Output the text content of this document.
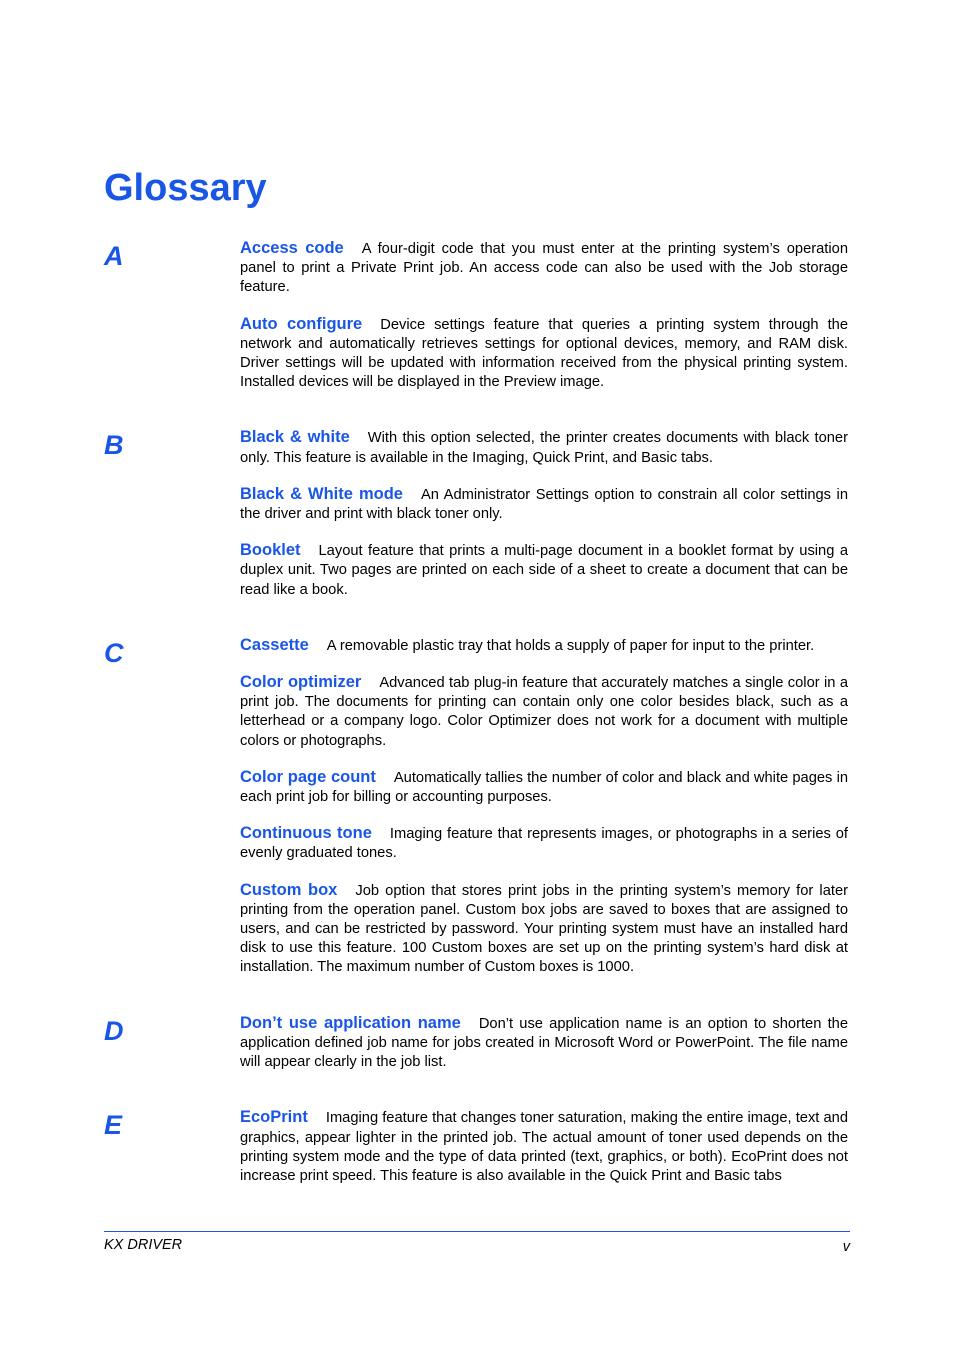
Glossary
A	Access code A four-digit code that you must enter at the printing system’s operation panel to print a Private Print job. An access code can also be used with the Job storage feature.

Auto configure Device settings feature that queries a printing system through the network and automatically retrieves settings for optional devices, memory, and RAM disk. Driver settings will be updated with information received from the physical printing system. Installed devices will be displayed in the Preview image.

B	Black & white With this option selected, the printer creates documents with black toner only. This feature is available in the Imaging, Quick Print, and Basic tabs.

Black & White mode An Administrator Settings option to constrain all color settings in the driver and print with black toner only.

Booklet Layout feature that prints a multi-page document in a booklet format by using a duplex unit. Two pages are printed on each side of a sheet to create a document that can be read like a book.

C	Cassette A removable plastic tray that holds a supply of paper for input to the printer.

Color optimizer Advanced tab plug-in feature that accurately matches a single color in a print job. The documents for printing can contain only one color besides black, such as a letterhead or a company logo. Color Optimizer does not work for a document with multiple colors or photographs.

Color page count Automatically tallies the number of color and black and white pages in each print job for billing or accounting purposes.

Continuous tone Imaging feature that represents images, or photographs in a series of evenly graduated tones.

Custom box Job option that stores print jobs in the printing system’s memory for later printing from the operation panel. Custom box jobs are saved to boxes that are assigned to users, and can be restricted by password. Your printing system must have an installed hard disk to use this feature. 100 Custom boxes are set up on the printing system’s hard disk at installation. The maximum number of Custom boxes is 1000.

D	Don’t use application name Don’t use application name is an option to shorten the application defined job name for jobs created in Microsoft Word or PowerPoint. The file name will appear clearly in the job list.

E	EcoPrint Imaging feature that changes toner saturation, making the entire image, text and graphics, appear lighter in the printed job. The actual amount of toner used depends on the printing system mode and the type of data printed (text, graphics, or both). EcoPrint does not increase print speed. This feature is also available in the Quick Print and Basic tabs

KX DRIVER	v
